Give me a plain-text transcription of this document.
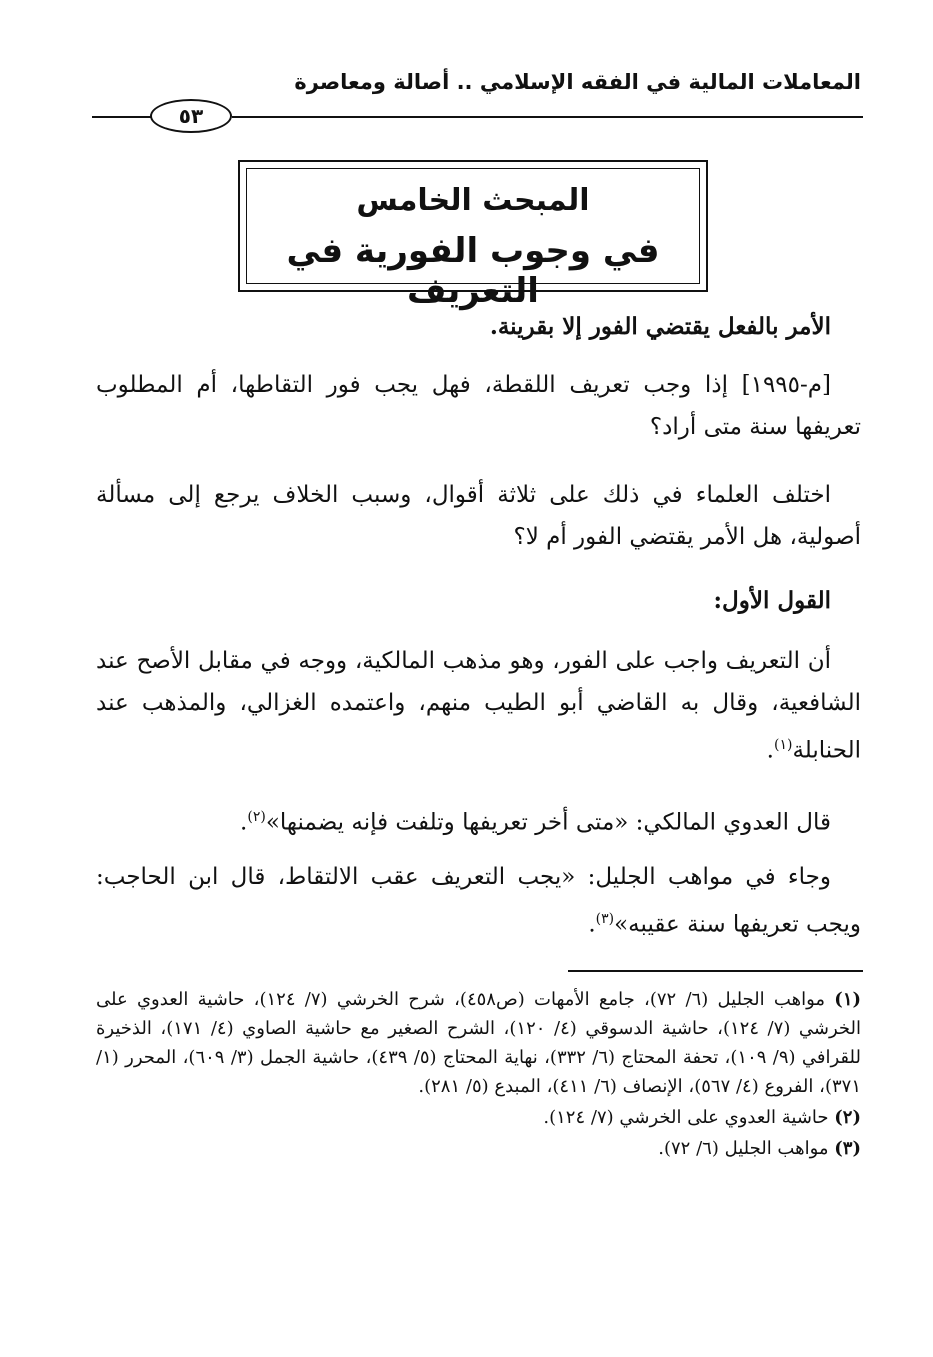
المعاملات المالية في الفقه الإسلامي .. أصالة ومعاصرة
٥٣
المبحث الخامس
في وجوب الفورية في التعريف
الأمر بالفعل يقتضي الفور إلا بقرينة.
[م-١٩٩٥] إذا وجب تعريف اللقطة، فهل يجب فور التقاطها، أم المطلوب تعريفها سنة متى أراد؟
اختلف العلماء في ذلك على ثلاثة أقوال، وسبب الخلاف يرجع إلى مسألة أصولية، هل الأمر يقتضي الفور أم لا؟
القول الأول:
أن التعريف واجب على الفور، وهو مذهب المالكية، ووجه في مقابل الأصح عند الشافعية، وقال به القاضي أبو الطيب منهم، واعتمده الغزالي، والمذهب عند الحنابلة$^{(١)}$.
قال العدوي المالكي: «متى أخر تعريفها وتلفت فإنه يضمنها»$^{(٢)}$.
وجاء في مواهب الجليل: «يجب التعريف عقب الالتقاط، قال ابن الحاجب: ويجب تعريفها سنة عقيبه»$^{(٣)}$.
(١) مواهب الجليل (٦/ ٧٢)، جامع الأمهات (ص٤٥٨)، شرح الخرشي (٧/ ١٢٤)، حاشية العدوي على الخرشي (٧/ ١٢٤)، حاشية الدسوقي (٤/ ١٢٠)، الشرح الصغير مع حاشية الصاوي (٤/ ١٧١)، الذخيرة للقرافي (٩/ ١٠٩)، تحفة المحتاج (٦/ ٣٣٢)، نهاية المحتاج (٥/ ٤٣٩)، حاشية الجمل (٣/ ٦٠٩)، المحرر (١/ ٣٧١)، الفروع (٤/ ٥٦٧)، الإنصاف (٦/ ٤١١)، المبدع (٥/ ٢٨١).
(٢) حاشية العدوي على الخرشي (٧/ ١٢٤).
(٣) مواهب الجليل (٦/ ٧٢).
